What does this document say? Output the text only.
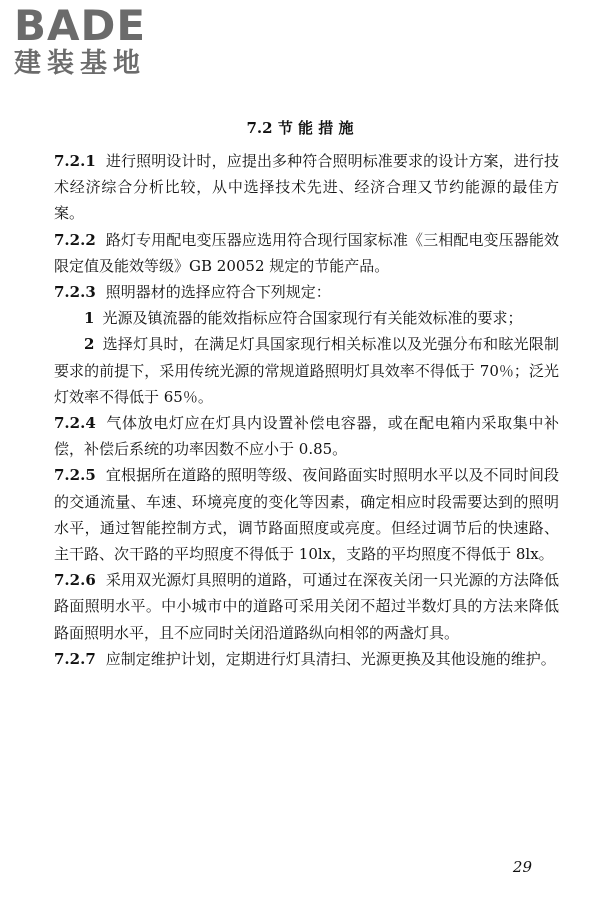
BADE
建装基地
7.2 节 能 措 施

7.2.1 进行照明设计时，应提出多种符合照明标准要求的设计方案，进行技术经济综合分析比较，从中选择技术先进、经济合理又节约能源的最佳方案。

7.2.2 路灯专用配电变压器应选用符合现行国家标准《三相配电变压器能效限定值及能效等级》GB 20052 规定的节能产品。

7.2.3 照明器材的选择应符合下列规定：

1 光源及镇流器的能效指标应符合国家现行有关能效标准的要求；

2 选择灯具时，在满足灯具国家现行相关标准以及光强分布和眩光限制要求的前提下，采用传统光源的常规道路照明灯具效率不得低于 70％；泛光灯效率不得低于 65％。

7.2.4 气体放电灯应在灯具内设置补偿电容器，或在配电箱内采取集中补偿，补偿后系统的功率因数不应小于 0.85。

7.2.5 宜根据所在道路的照明等级、夜间路面实时照明水平以及不同时间段的交通流量、车速、环境亮度的变化等因素，确定相应时段需要达到的照明水平，通过智能控制方式，调节路面照度或亮度。但经过调节后的快速路、主干路、次干路的平均照度不得低于 10lx，支路的平均照度不得低于 8lx。

7.2.6 采用双光源灯具照明的道路，可通过在深夜关闭一只光源的方法降低路面照明水平。中小城市中的道路可采用关闭不超过半数灯具的方法来降低路面照明水平，且不应同时关闭沿道路纵向相邻的两盏灯具。

7.2.7 应制定维护计划，定期进行灯具清扫、光源更换及其他设施的维护。

29
